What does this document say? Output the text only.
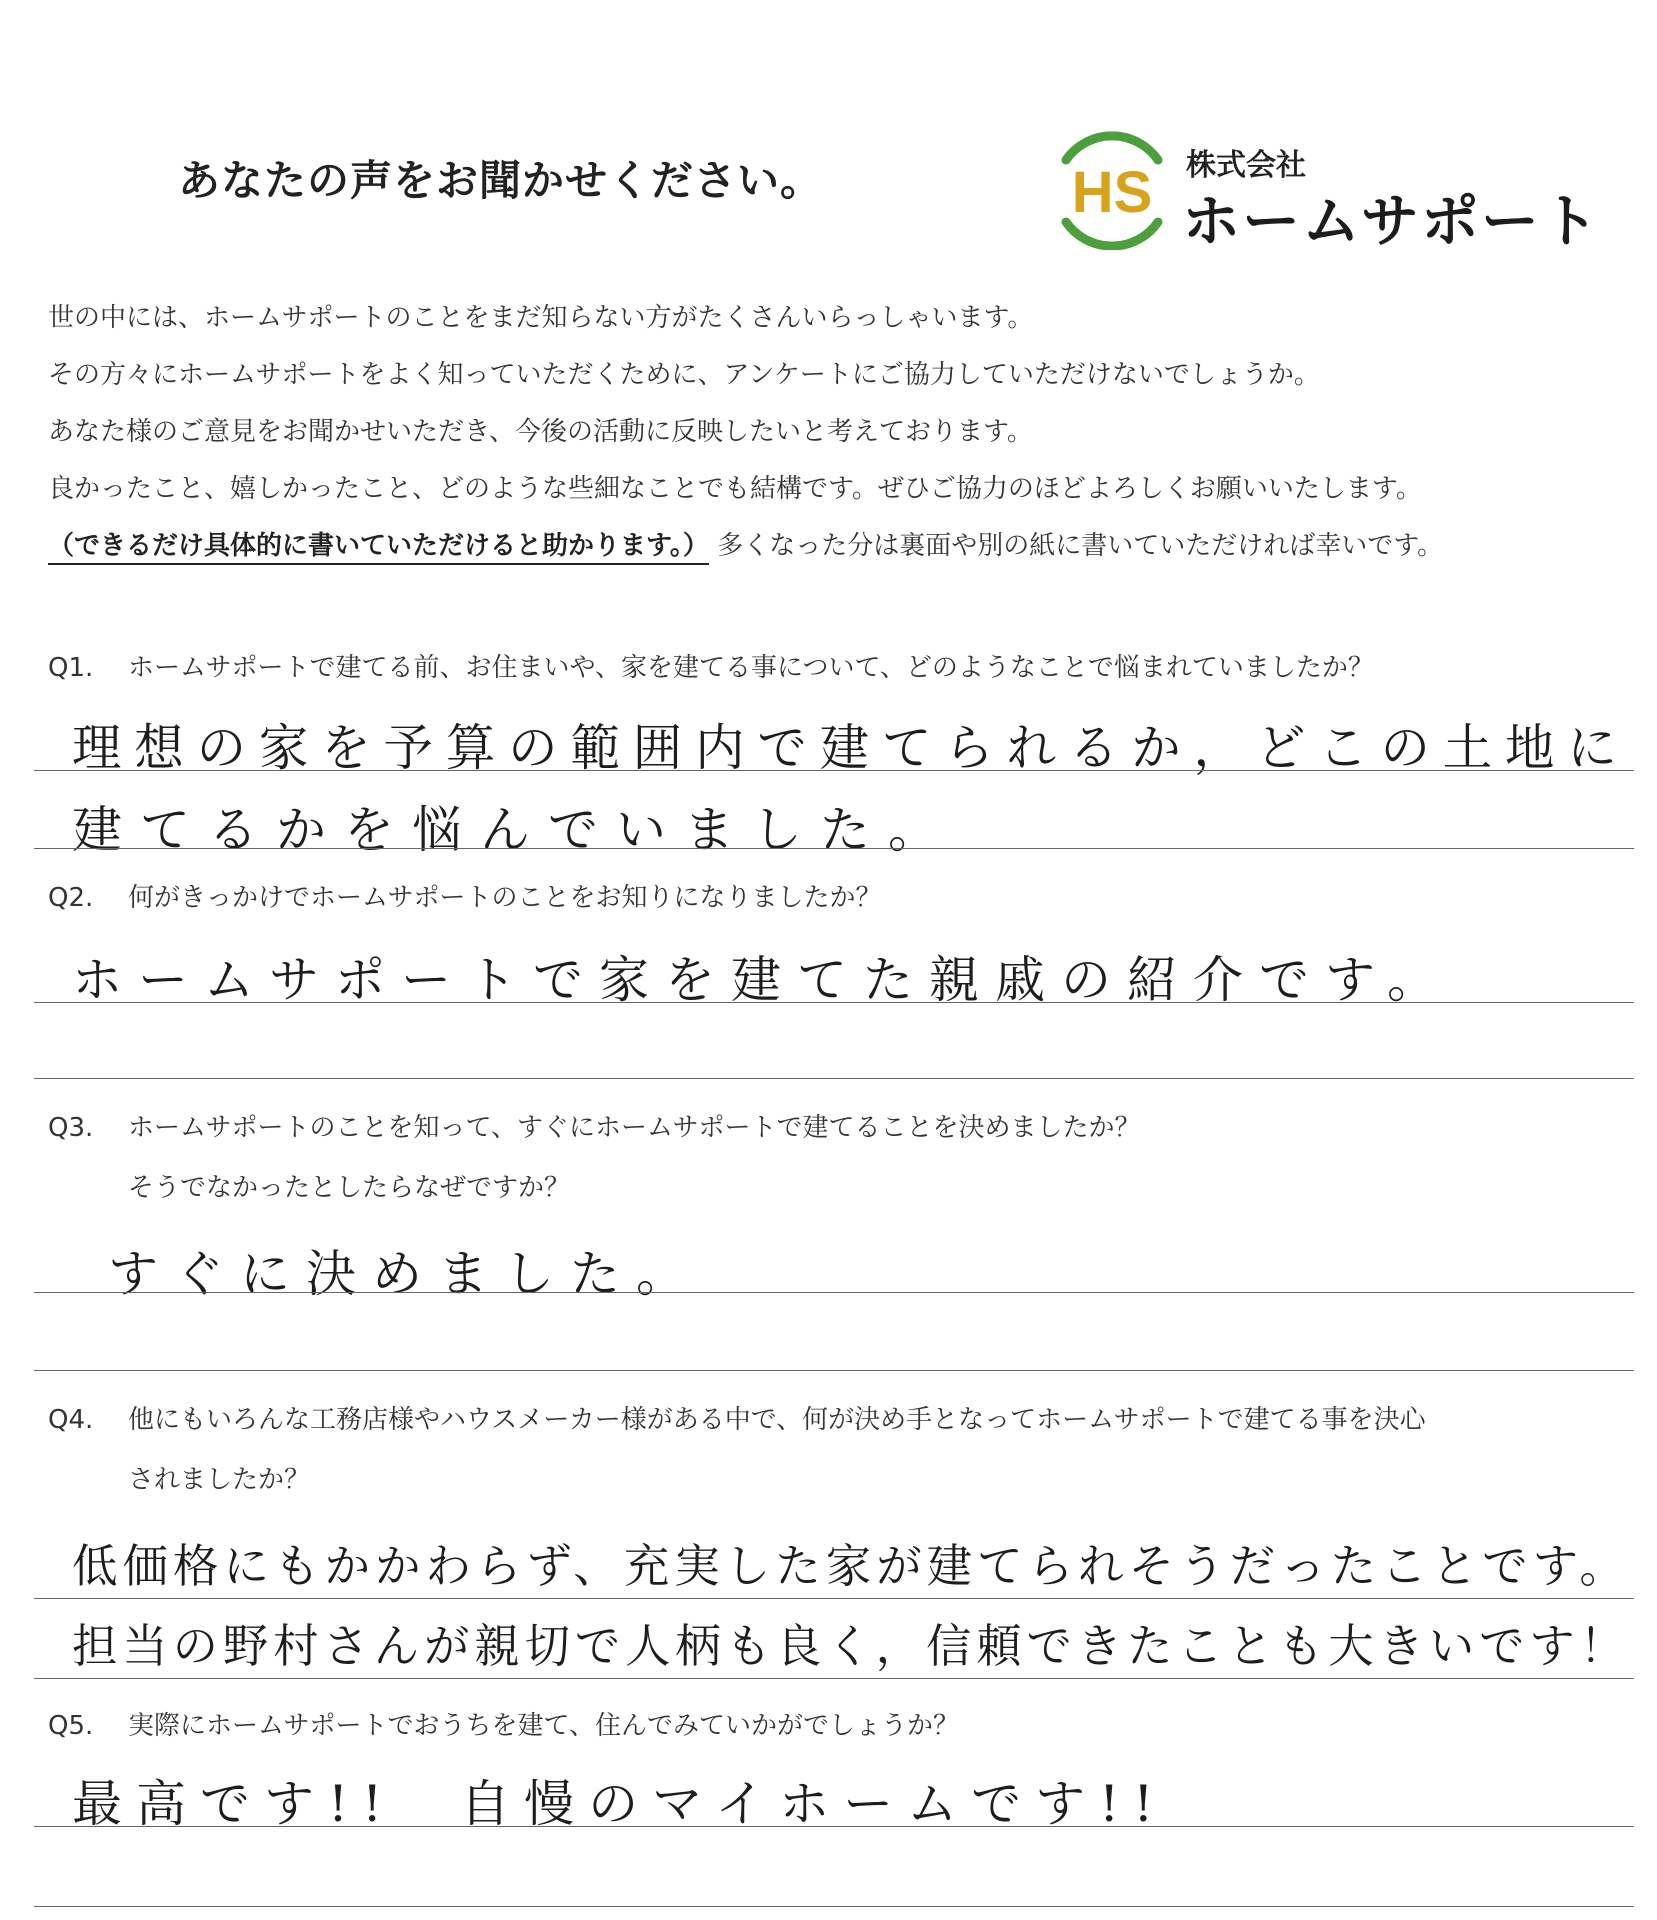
あなたの声をお聞かせください。	HS 株式会社
ホームサポート
世の中には、ホームサポートのことをまだ知らない方がたくさんいらっしゃいます。
その方々にホームサポートをよく知っていただくために、アンケートにご協力していただけないでしょうか。
あなた様のご意見をお聞かせいただき、今後の活動に反映したいと考えております。
良かったこと、嬉しかったこと、どのような些細なことでも結構です。ぜひご協力のほどよろしくお願いいたします。
（できるだけ具体的に書いていただけると助かります。） 多くなった分は裏面や別の紙に書いていただければ幸いです。
Q1. ホームサポートで建てる前、お住まいや、家を建てる事について、どのようなことで悩まれていましたか？
理想の家を予算の範囲内で建てられるか，どこの土地に
建てるかを悩んでいました。
Q2. 何がきっかけでホームサポートのことをお知りになりましたか？
ホームサポートで家を建てた親戚の紹介です。
Q3. ホームサポートのことを知って、すぐにホームサポートで建てることを決めましたか？
そうでなかったとしたらなぜですか？
すぐに決めました。
Q4. 他にもいろんな工務店様やハウスメーカー様がある中で、何が決め手となってホームサポートで建てる事を決心
されましたか？
低価格にもかかわらず、充実した家が建てられそうだったことです。
担当の野村さんが親切で人柄も良く，信頼できたことも大きいです！
Q5. 実際にホームサポートでおうちを建て、住んでみていかがでしょうか？
最高です!!　自慢のマイホームです!!
